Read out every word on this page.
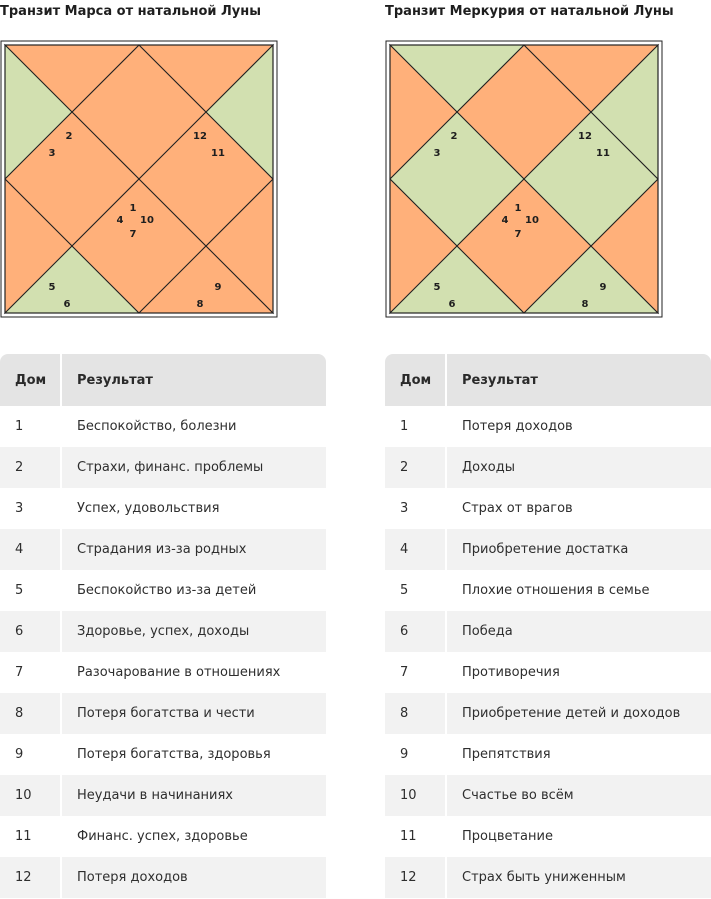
Транзит Марса от натальной Луны
1
2
3
4
5
6
7
8
9
10
11
12
Дом	Результат
1	Беспокойство, болезни
2	Страхи, финанс. проблемы
3	Успех, удовольствия
4	Страдания из-за родных
5	Беспокойство из-за детей
6	Здоровье, успех, доходы
7	Разочарование в отношениях
8	Потеря богатства и чести
9	Потеря богатства, здоровья
10	Неудачи в начинаниях
11	Финанс. успех, здоровье
12	Потеря доходов
Транзит Меркурия от натальной Луны
1
2
3
4
5
6
7
8
9
10
11
12
Дом	Результат
1	Потеря доходов
2	Доходы
3	Страх от врагов
4	Приобретение достатка
5	Плохие отношения в семье
6	Победа
7	Противоречия
8	Приобретение детей и доходов
9	Препятствия
10	Счастье во всём
11	Процветание
12	Страх быть униженным
